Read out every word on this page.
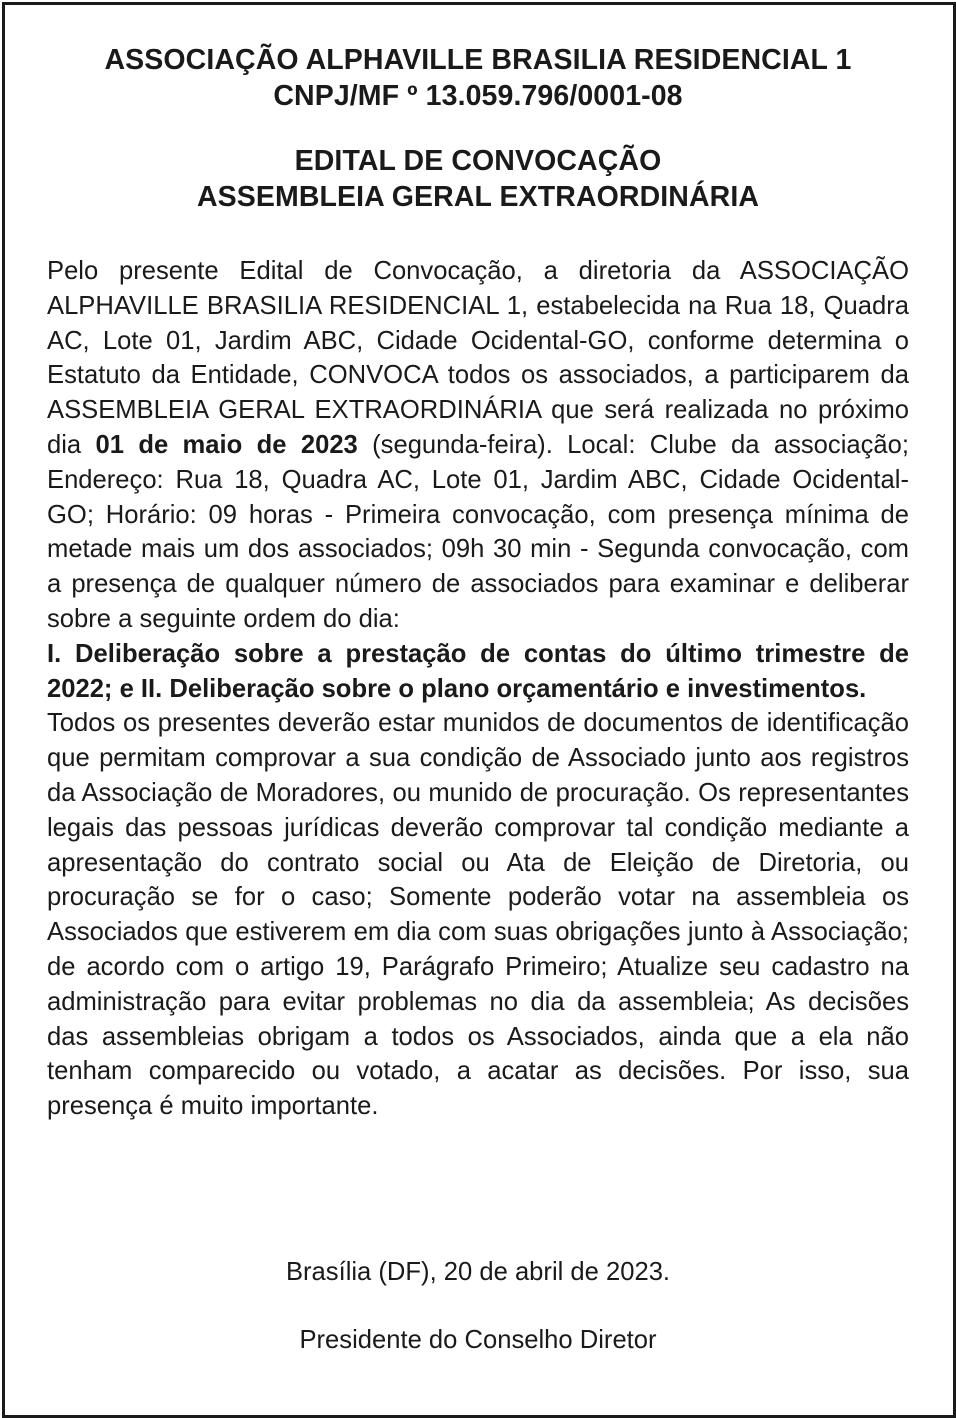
ASSOCIAÇÃO ALPHAVILLE BRASILIA RESIDENCIAL 1
CNPJ/MF º 13.059.796/0001-08
EDITAL DE CONVOCAÇÃO
ASSEMBLEIA GERAL EXTRAORDINÁRIA

Pelo presente Edital de Convocação, a diretoria da ASSOCIAÇÃO ALPHAVILLE BRASILIA RESIDENCIAL 1, estabelecida na Rua 18, Quadra AC, Lote 01, Jardim ABC, Cidade Ocidental-GO, conforme determina o Estatuto da Entidade, CONVOCA todos os associados, a participarem da ASSEMBLEIA GERAL EXTRAORDINÁRIA que será realizada no próximo dia 01 de maio de 2023 (segunda-feira). Local: Clube da associação; Endereço: Rua 18, Quadra AC, Lote 01, Jardim ABC, Cidade Ocidental-GO; Horário: 09 horas - Primeira convocação, com presença mínima de metade mais um dos associados; 09h 30 min - Segunda convocação, com a presença de qualquer número de associados para examinar e deliberar sobre a seguinte ordem do dia:

I. Deliberação sobre a prestação de contas do último trimestre de 2022; e II. Deliberação sobre o plano orçamentário e investimentos.

Todos os presentes deverão estar munidos de documentos de identificação que permitam comprovar a sua condição de Associado junto aos registros da Associação de Moradores, ou munido de procuração. Os representantes legais das pessoas jurídicas deverão comprovar tal condição mediante a apresentação do contrato social ou Ata de Eleição de Diretoria, ou procuração se for o caso; Somente poderão votar na assembleia os Associados que estiverem em dia com suas obrigações junto à Associação; de acordo com o artigo 19, Parágrafo Primeiro; Atualize seu cadastro na administração para evitar problemas no dia da assembleia; As decisões das assembleias obrigam a todos os Associados, ainda que a ela não tenham comparecido ou votado, a acatar as decisões. Por isso, sua presença é muito importante.

Brasília (DF), 20 de abril de 2023.
Presidente do Conselho Diretor
